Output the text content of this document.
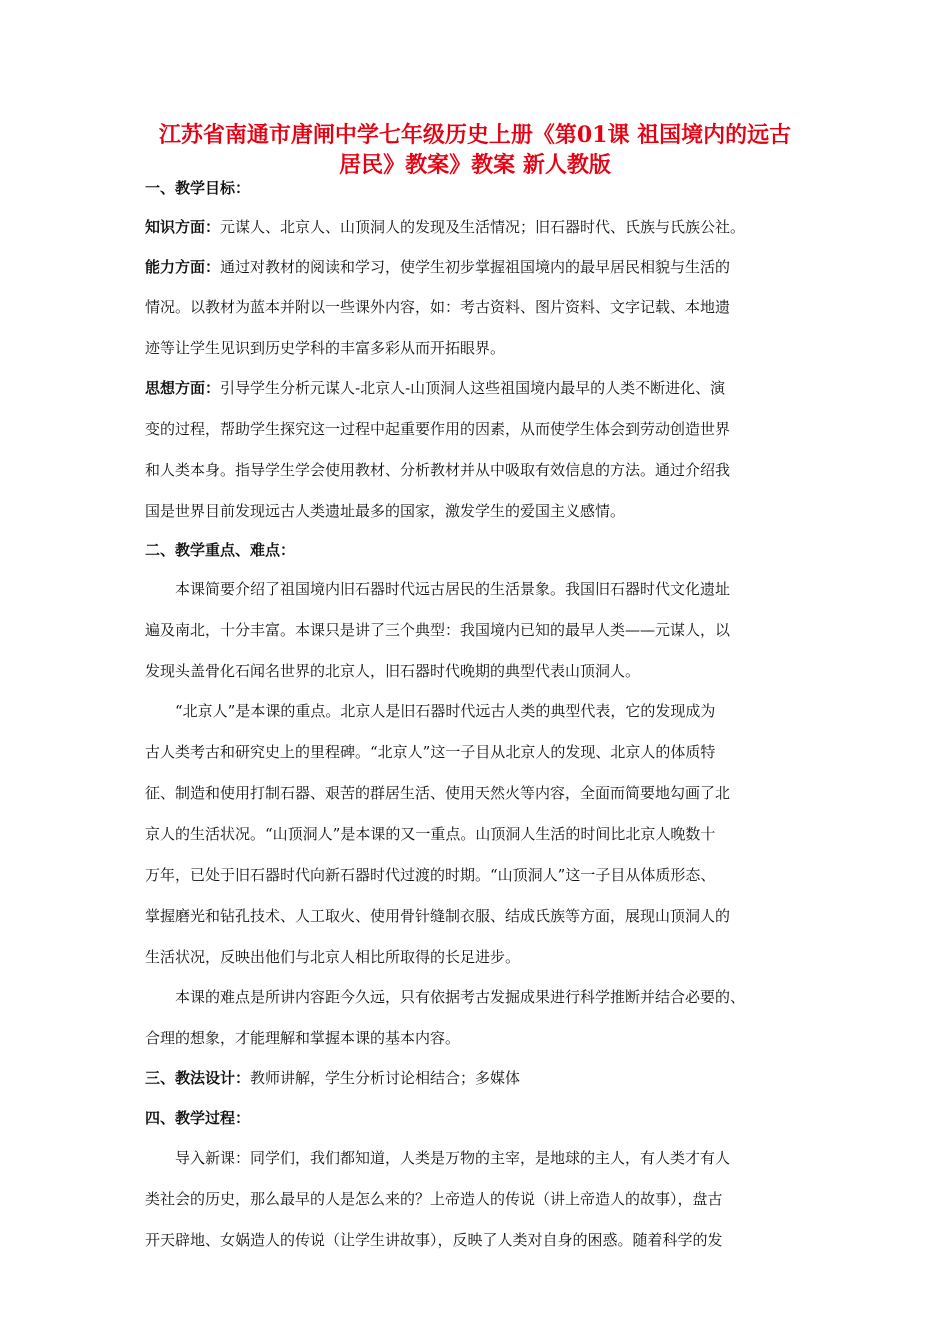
江苏省南通市唐闸中学七年级历史上册《第01课 祖国境内的远古
居民》教案》教案 新人教版
一、教学目标：
知识方面：元谋人、北京人、山顶洞人的发现及生活情况；旧石器时代、氏族与氏族公社。
能力方面：通过对教材的阅读和学习，使学生初步掌握祖国境内的最早居民相貌与生活的
情况。以教材为蓝本并附以一些课外内容，如：考古资料、图片资料、文字记载、本地遗
迹等让学生见识到历史学科的丰富多彩从而开拓眼界。
思想方面：引导学生分析元谋人-北京人-山顶洞人这些祖国境内最早的人类不断进化、演
变的过程，帮助学生探究这一过程中起重要作用的因素，从而使学生体会到劳动创造世界
和人类本身。指导学生学会使用教材、分析教材并从中吸取有效信息的方法。通过介绍我
国是世界目前发现远古人类遗址最多的国家，激发学生的爱国主义感情。
二、教学重点、难点：
本课简要介绍了祖国境内旧石器时代远古居民的生活景象。我国旧石器时代文化遗址
遍及南北，十分丰富。本课只是讲了三个典型：我国境内已知的最早人类——元谋人，以
发现头盖骨化石闻名世界的北京人，旧石器时代晚期的典型代表山顶洞人。
“北京人”是本课的重点。北京人是旧石器时代远古人类的典型代表，它的发现成为
古人类考古和研究史上的里程碑。“北京人”这一子目从北京人的发现、北京人的体质特
征、制造和使用打制石器、艰苦的群居生活、使用天然火等内容，全面而简要地勾画了北
京人的生活状况。“山顶洞人”是本课的又一重点。山顶洞人生活的时间比北京人晚数十
万年，已处于旧石器时代向新石器时代过渡的时期。“山顶洞人”这一子目从体质形态、
掌握磨光和钻孔技术、人工取火、使用骨针缝制衣服、结成氏族等方面，展现山顶洞人的
生活状况，反映出他们与北京人相比所取得的长足进步。
本课的难点是所讲内容距今久远，只有依据考古发掘成果进行科学推断并结合必要的、
合理的想象，才能理解和掌握本课的基本内容。
三、教法设计：教师讲解，学生分析讨论相结合；多媒体
四、教学过程：
导入新课：同学们，我们都知道，人类是万物的主宰，是地球的主人，有人类才有人
类社会的历史，那么最早的人是怎么来的？上帝造人的传说（讲上帝造人的故事），盘古
开天辟地、女娲造人的传说（让学生讲故事），反映了人类对自身的困惑。随着科学的发
